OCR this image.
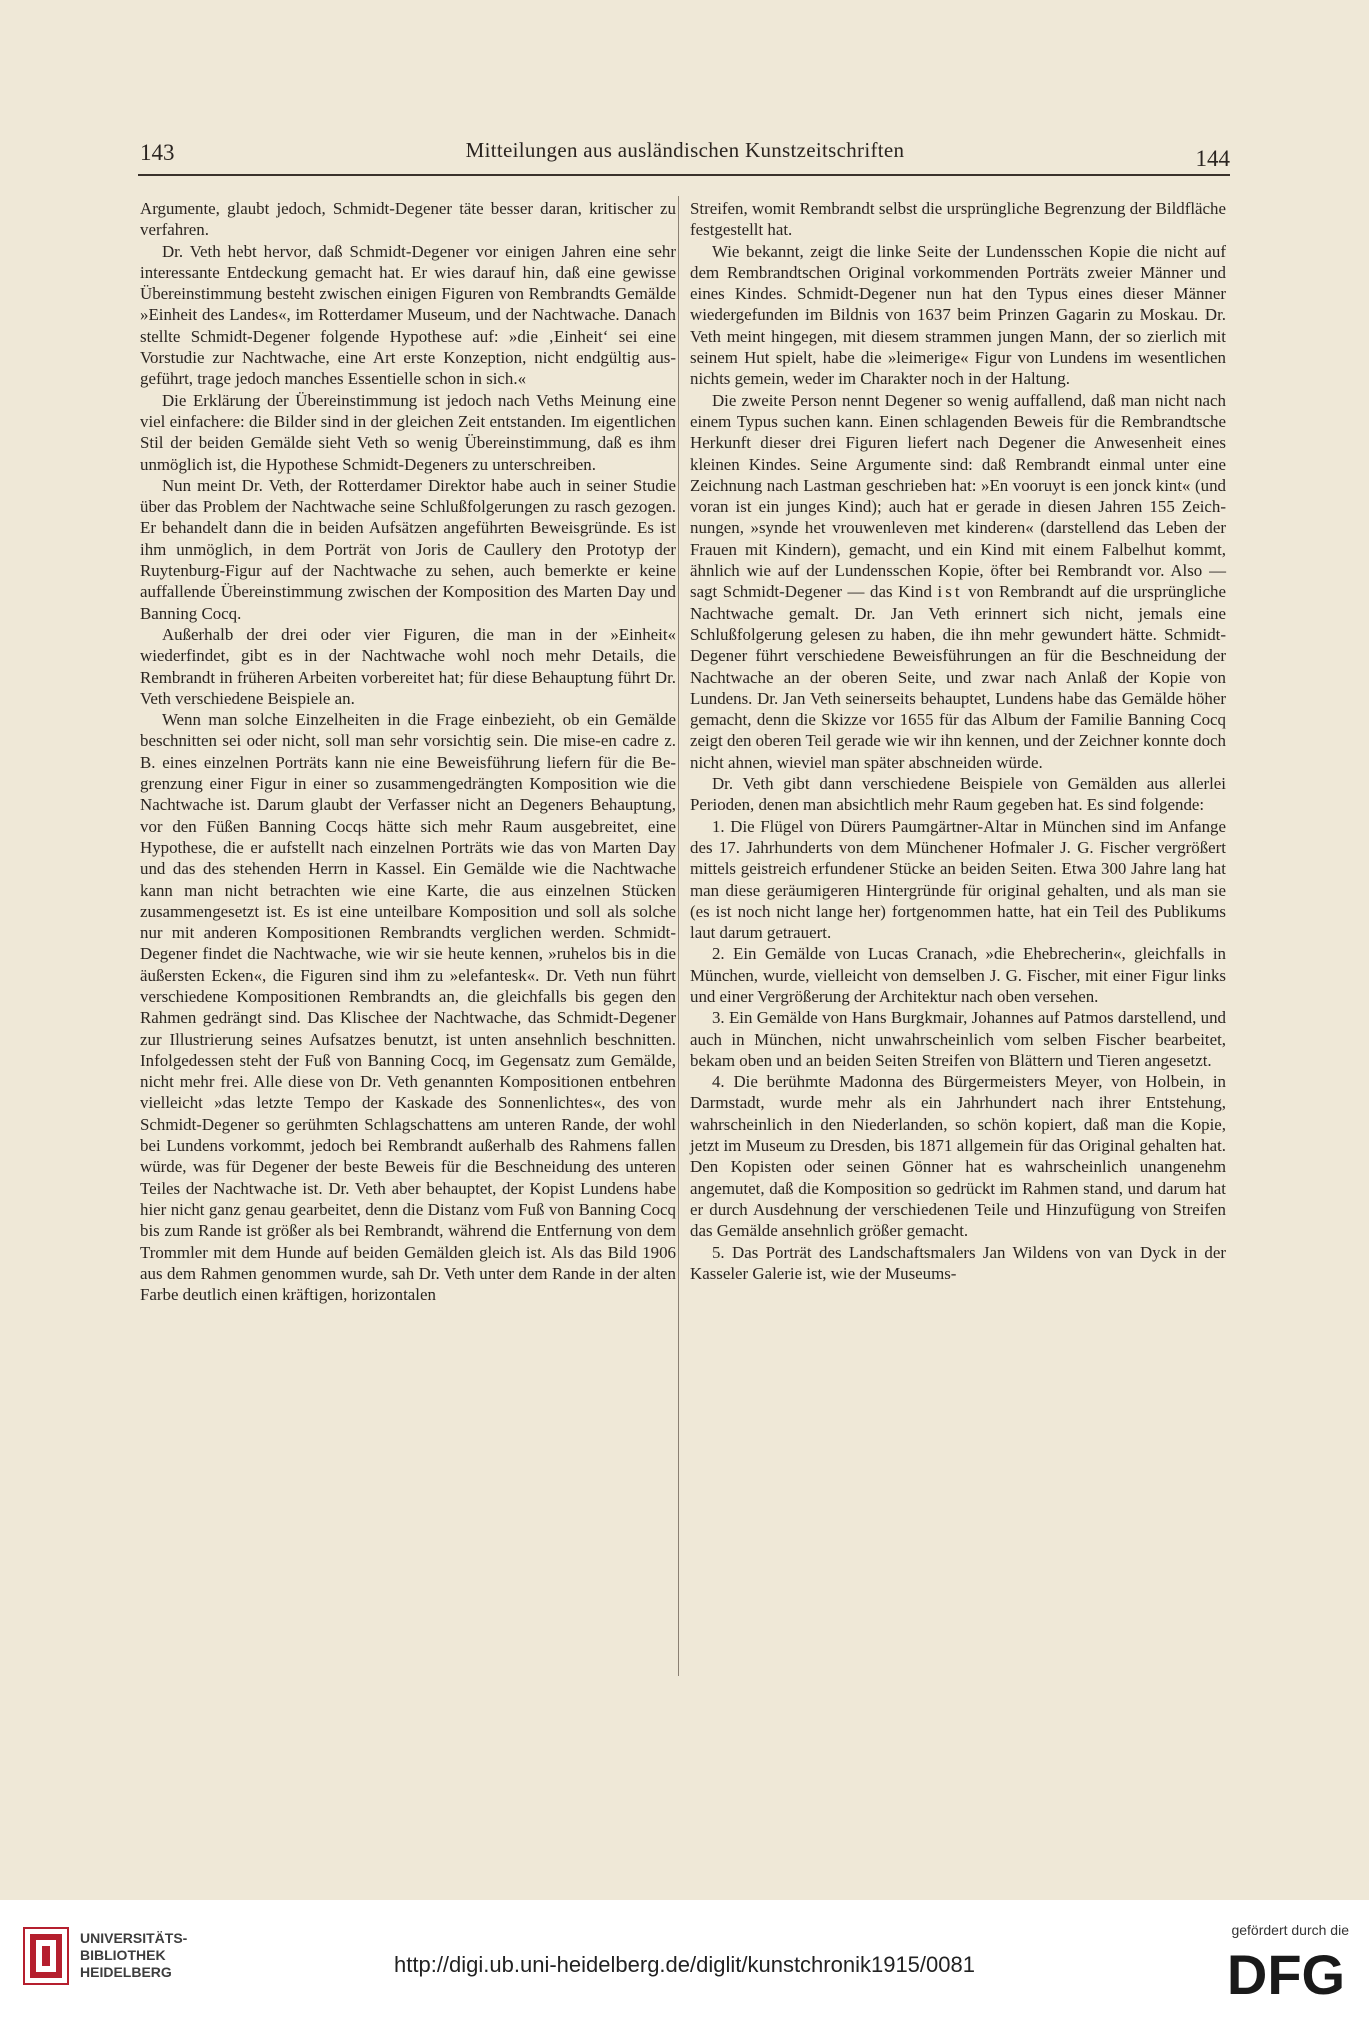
143	Mitteilungen aus ausländischen Kunstzeitschriften	144

Argumente, glaubt jedoch, Schmidt-Degener täte besser daran, kritischer zu verfahren.

Dr. Veth hebt hervor, daß Schmidt-Degener vor einigen Jahren eine sehr interessante Entdeckung gemacht hat. Er wies darauf hin, daß eine gewisse Übereinstimmung besteht zwischen einigen Figuren von Rembrandts Gemälde »Einheit des Landes«, im Rotterdamer Museum, und der Nachtwache. Danach stellte Schmidt-Degener folgende Hypothese auf: »die ‚Einheit‘ sei eine Vorstudie zur Nachtwache, eine Art erste Konzeption, nicht endgültig ausgeführt, trage jedoch manches Essentielle schon in sich.«

Die Erklärung der Übereinstimmung ist jedoch nach Veths Meinung eine viel einfachere: die Bilder sind in der gleichen Zeit entstanden. Im eigentlichen Stil der beiden Gemälde sieht Veth so wenig Übereinstimmung, daß es ihm unmöglich ist, die Hypothese Schmidt-Degeners zu unterschreiben.

Nun meint Dr. Veth, der Rotterdamer Direktor habe auch in seiner Studie über das Problem der Nachtwache seine Schlußfolgerungen zu rasch gezogen. Er behandelt dann die in beiden Aufsätzen angeführten Beweisgründe. Es ist ihm unmöglich, in dem Porträt von Joris de Caullery den Prototyp der Ruytenburg-Figur auf der Nachtwache zu sehen, auch bemerkte er keine auffallende Übereinstimmung zwischen der Komposition des Marten Day und Banning Cocq.

Außerhalb der drei oder vier Figuren, die man in der »Einheit« wiederfindet, gibt es in der Nachtwache wohl noch mehr Details, die Rembrandt in früheren Arbeiten vorbereitet hat; für diese Behauptung führt Dr. Veth verschiedene Beispiele an.

Wenn man solche Einzelheiten in die Frage einbezieht, ob ein Gemälde beschnitten sei oder nicht, soll man sehr vorsichtig sein. Die mise-en cadre z. B. eines einzelnen Porträts kann nie eine Beweisführung liefern für die Begrenzung einer Figur in einer so zusammengedrängten Komposition wie die Nachtwache ist. Darum glaubt der Verfasser nicht an Degeners Behauptung, vor den Füßen Banning Cocqs hätte sich mehr Raum ausgebreitet, eine Hypothese, die er aufstellt nach einzelnen Porträts wie das von Marten Day und das des stehenden Herrn in Kassel. Ein Gemälde wie die Nachtwache kann man nicht betrachten wie eine Karte, die aus einzelnen Stücken zusammengesetzt ist. Es ist eine unteilbare Komposition und soll als solche nur mit anderen Kompositionen Rembrandts verglichen werden. Schmidt-Degener findet die Nachtwache, wie wir sie heute kennen, »ruhelos bis in die äußersten Ecken«, die Figuren sind ihm zu »elefantesk«. Dr. Veth nun führt verschiedene Kompositionen Rembrandts an, die gleichfalls bis gegen den Rahmen gedrängt sind. Das Klischee der Nachtwache, das Schmidt-Degener zur Illustrierung seines Aufsatzes benutzt, ist unten ansehnlich beschnitten. Infolgedessen steht der Fuß von Banning Cocq, im Gegensatz zum Gemälde, nicht mehr frei. Alle diese von Dr. Veth genannten Kompositionen entbehren vielleicht »das letzte Tempo der Kaskade des Sonnenlichtes«, des von Schmidt-Degener so gerühmten Schlagschattens am unteren Rande, der wohl bei Lundens vorkommt, jedoch bei Rembrandt außerhalb des Rahmens fallen würde, was für Degener der beste Beweis für die Beschneidung des unteren Teiles der Nachtwache ist. Dr. Veth aber behauptet, der Kopist Lundens habe hier nicht ganz genau gearbeitet, denn die Distanz vom Fuß von Banning Cocq bis zum Rande ist größer als bei Rembrandt, während die Entfernung von dem Trommler mit dem Hunde auf beiden Gemälden gleich ist. Als das Bild 1906 aus dem Rahmen genommen wurde, sah Dr. Veth unter dem Rande in der alten Farbe deutlich einen kräftigen, horizontalen

Streifen, womit Rembrandt selbst die ursprüngliche Begrenzung der Bildfläche festgestellt hat.

Wie bekannt, zeigt die linke Seite der Lundensschen Kopie die nicht auf dem Rembrandtschen Original vorkommenden Porträts zweier Männer und eines Kindes. Schmidt-Degener nun hat den Typus eines dieser Männer wiedergefunden im Bildnis von 1637 beim Prinzen Gagarin zu Moskau. Dr. Veth meint hingegen, mit diesem strammen jungen Mann, der so zierlich mit seinem Hut spielt, habe die »leimerige« Figur von Lundens im wesentlichen nichts gemein, weder im Charakter noch in der Haltung.

Die zweite Person nennt Degener so wenig auffallend, daß man nicht nach einem Typus suchen kann. Einen schlagenden Beweis für die Rembrandtsche Herkunft dieser drei Figuren liefert nach Degener die Anwesenheit eines kleinen Kindes. Seine Argumente sind: daß Rembrandt einmal unter eine Zeichnung nach Lastman geschrieben hat: »En vooruyt is een jonck kint« (und voran ist ein junges Kind); auch hat er gerade in diesen Jahren 155 Zeichnungen, »synde het vrouwenleven met kinderen« (darstellend das Leben der Frauen mit Kindern), gemacht, und ein Kind mit einem Falbelhut kommt, ähnlich wie auf der Lundensschen Kopie, öfter bei Rembrandt vor. Also — sagt Schmidt-Degener — das Kind ist von Rembrandt auf die ursprüngliche Nachtwache gemalt. Dr. Jan Veth erinnert sich nicht, jemals eine Schlußfolgerung gelesen zu haben, die ihn mehr gewundert hätte. Schmidt-Degener führt verschiedene Beweisführungen an für die Beschneidung der Nachtwache an der oberen Seite, und zwar nach Anlaß der Kopie von Lundens. Dr. Jan Veth seinerseits behauptet, Lundens habe das Gemälde höher gemacht, denn die Skizze vor 1655 für das Album der Familie Banning Cocq zeigt den oberen Teil gerade wie wir ihn kennen, und der Zeichner konnte doch nicht ahnen, wieviel man später abschneiden würde.

Dr. Veth gibt dann verschiedene Beispiele von Gemälden aus allerlei Perioden, denen man absichtlich mehr Raum gegeben hat. Es sind folgende:

1. Die Flügel von Dürers Paumgärtner-Altar in München sind im Anfange des 17. Jahrhunderts von dem Münchener Hofmaler J. G. Fischer vergrößert mittels geistreich erfundener Stücke an beiden Seiten. Etwa 300 Jahre lang hat man diese geräumigeren Hintergründe für original gehalten, und als man sie (es ist noch nicht lange her) fortgenommen hatte, hat ein Teil des Publikums laut darum getrauert.

2. Ein Gemälde von Lucas Cranach, »die Ehebrecherin«, gleichfalls in München, wurde, vielleicht von demselben J. G. Fischer, mit einer Figur links und einer Vergrößerung der Architektur nach oben versehen.

3. Ein Gemälde von Hans Burgkmair, Johannes auf Patmos darstellend, und auch in München, nicht unwahrscheinlich vom selben Fischer bearbeitet, bekam oben und an beiden Seiten Streifen von Blättern und Tieren angesetzt.

4. Die berühmte Madonna des Bürgermeisters Meyer, von Holbein, in Darmstadt, wurde mehr als ein Jahrhundert nach ihrer Entstehung, wahrscheinlich in den Niederlanden, so schön kopiert, daß man die Kopie, jetzt im Museum zu Dresden, bis 1871 allgemein für das Original gehalten hat. Den Kopisten oder seinen Gönner hat es wahrscheinlich unangenehm angemutet, daß die Komposition so gedrückt im Rahmen stand, und darum hat er durch Ausdehnung der verschiedenen Teile und Hinzufügung von Streifen das Gemälde ansehnlich größer gemacht.

5. Das Porträt des Landschaftsmalers Jan Wildens von van Dyck in der Kasseler Galerie ist, wie der Museums-

UNIVERSITÄTS-
BIBLIOTHEK
HEIDELBERG	http://digi.ub.uni-heidelberg.de/diglit/kunstchronik1915/0081
gefördert durch die
DFG
